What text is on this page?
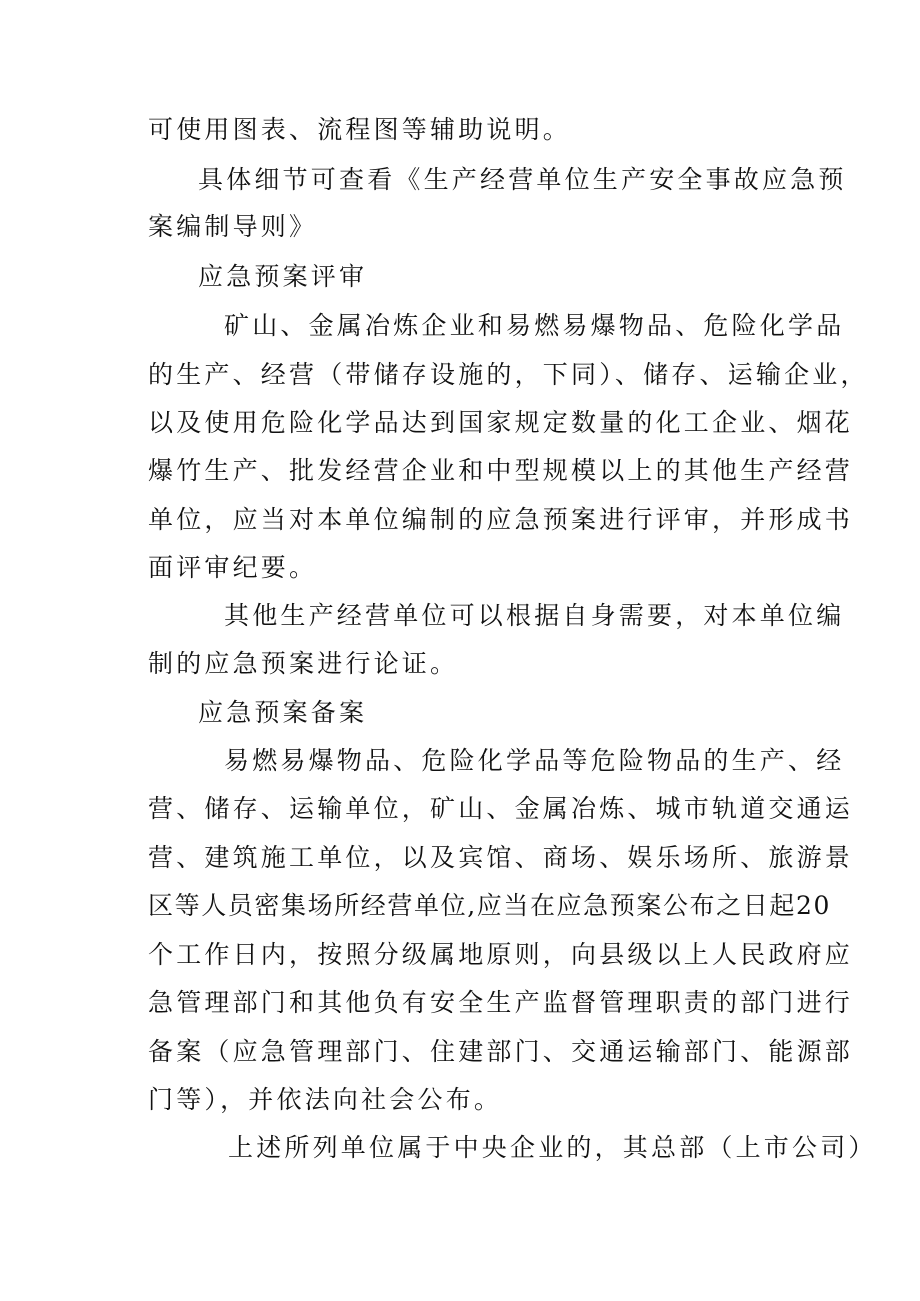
可使用图表、流程图等辅助说明。
具体细节可查看《生产经营单位生产安全事故应急预
案编制导则》
应急预案评审
矿山、金属冶炼企业和易燃易爆物品、危险化学品
的生产、经营（带储存设施的，下同）、储存、运输企业，
以及使用危险化学品达到国家规定数量的化工企业、烟花
爆竹生产、批发经营企业和中型规模以上的其他生产经营
单位，应当对本单位编制的应急预案进行评审，并形成书
面评审纪要。
其他生产经营单位可以根据自身需要，对本单位编
制的应急预案进行论证。
应急预案备案
易燃易爆物品、危险化学品等危险物品的生产、经
营、储存、运输单位，矿山、金属冶炼、城市轨道交通运
营、建筑施工单位，以及宾馆、商场、娱乐场所、旅游景
区等人员密集场所经营单位,应当在应急预案公布之日起20
个工作日内，按照分级属地原则，向县级以上人民政府应
急管理部门和其他负有安全生产监督管理职责的部门进行
备案（应急管理部门、住建部门、交通运输部门、能源部
门等），并依法向社会公布。
上述所列单位属于中央企业的，其总部（上市公司）
